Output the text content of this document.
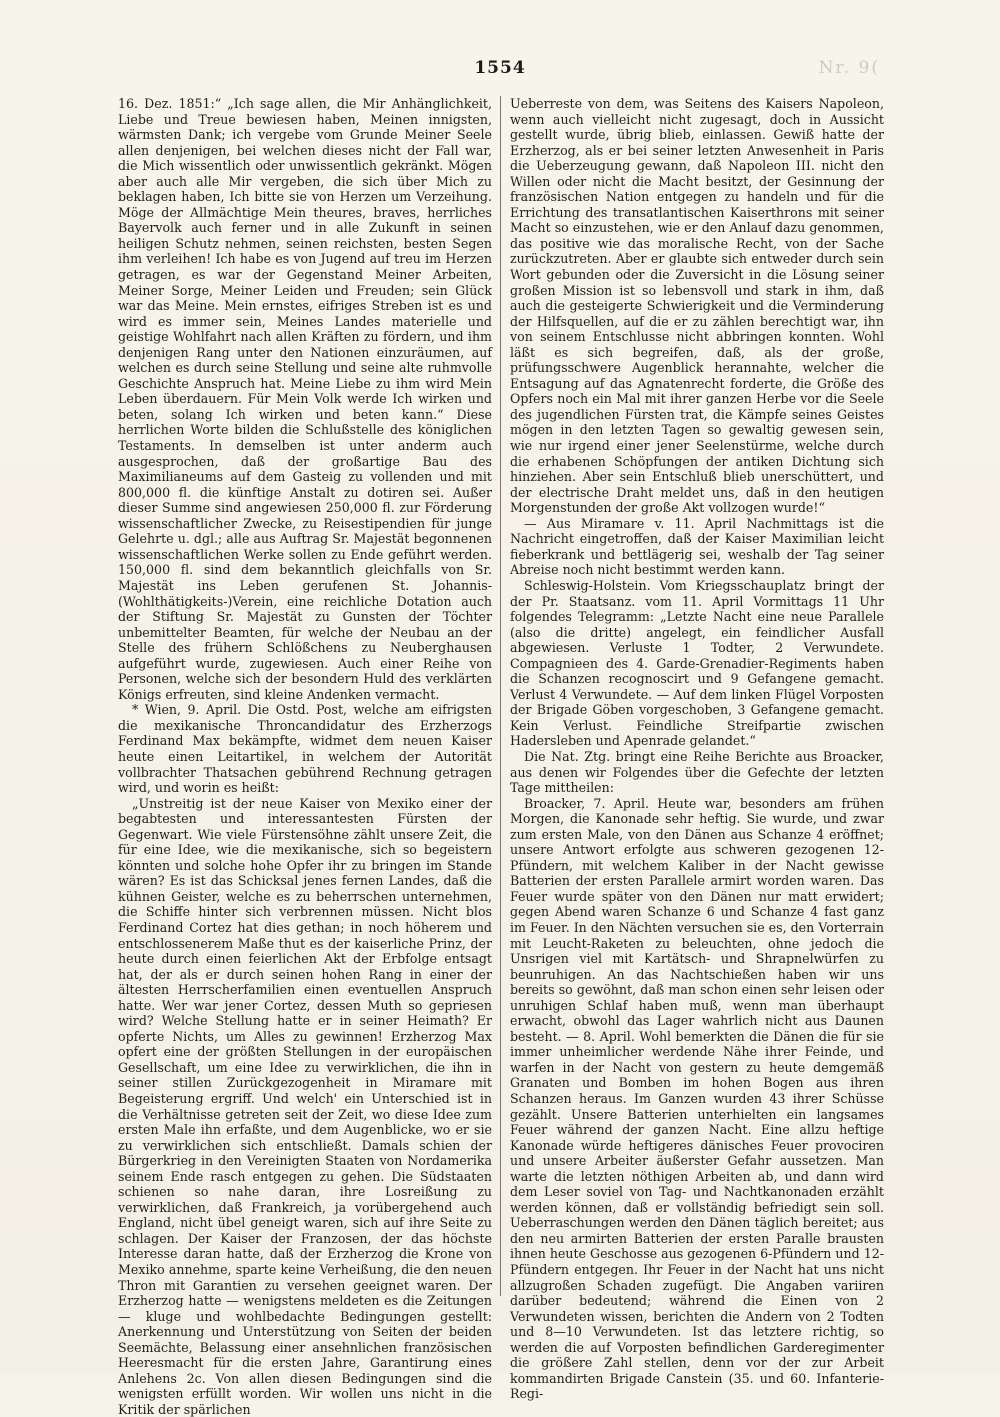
1554	Nr. 9(

16. Dez. 1851:“ „Ich sage allen, die Mir Anhänglichkeit, Liebe und Treue bewiesen haben, Meinen innigsten, wärmsten Dank; ich vergebe vom Grunde Meiner Seele allen denjenigen, bei welchen dieses nicht der Fall war, die Mich wissentlich oder unwissentlich gekränkt. Mögen aber auch alle Mir vergeben, die sich über Mich zu beklagen haben, Ich bitte sie von Herzen um Verzeihung. Möge der Allmächtige Mein theures, braves, herrliches Bayervolk auch ferner und in alle Zukunft in seinen heiligen Schutz nehmen, seinen reichsten, besten Segen ihm verleihen! Ich habe es von Jugend auf treu im Herzen getragen, es war der Gegenstand Meiner Arbeiten, Meiner Sorge, Meiner Leiden und Freuden; sein Glück war das Meine. Mein ernstes, eifriges Streben ist es und wird es immer sein, Meines Landes materielle und geistige Wohlfahrt nach allen Kräften zu fördern, und ihm denjenigen Rang unter den Nationen einzuräumen, auf welchen es durch seine Stellung und seine alte ruhmvolle Geschichte Anspruch hat. Meine Liebe zu ihm wird Mein Leben überdauern. Für Mein Volk werde Ich wirken und beten, solang Ich wirken und beten kann.“ Diese herrlichen Worte bilden die Schlußstelle des königlichen Testaments. In demselben ist unter anderm auch ausgesprochen, daß der großartige Bau des Maximilianeums auf dem Gasteig zu vollenden und mit 800,000 fl. die künftige Anstalt zu dotiren sei. Außer dieser Summe sind angewiesen 250,000 fl. zur Förderung wissenschaftlicher Zwecke, zu Reisestipendien für junge Gelehrte u. dgl.; alle aus Auftrag Sr. Majestät begonnenen wissenschaftlichen Werke sollen zu Ende geführt werden. 150,000 fl. sind dem bekanntlich gleichfalls von Sr. Majestät ins Leben gerufenen St. Johannis-(Wohlthätigkeits-)Verein, eine reichliche Dotation auch der Stiftung Sr. Majestät zu Gunsten der Töchter unbemittelter Beamten, für welche der Neubau an der Stelle des frühern Schlößchens zu Neuberghausen aufgeführt wurde, zugewiesen. Auch einer Reihe von Personen, welche sich der besondern Huld des verklärten Königs erfreuten, sind kleine Andenken vermacht.

* Wien, 9. April. Die Ostd. Post, welche am eifrigsten die mexikanische Throncandidatur des Erzherzogs Ferdinand Max bekämpfte, widmet dem neuen Kaiser heute einen Leitartikel, in welchem der Autorität vollbrachter Thatsachen gebührend Rechnung getragen wird, und worin es heißt:

„Unstreitig ist der neue Kaiser von Mexiko einer der begabtesten und interessantesten Fürsten der Gegenwart. Wie viele Fürstensöhne zählt unsere Zeit, die für eine Idee, wie die mexikanische, sich so begeistern könnten und solche hohe Opfer ihr zu bringen im Stande wären? Es ist das Schicksal jenes fernen Landes, daß die kühnen Geister, welche es zu beherrschen unternehmen, die Schiffe hinter sich verbrennen müssen. Nicht blos Ferdinand Cortez hat dies gethan; in noch höherem und entschlossenerem Maße thut es der kaiserliche Prinz, der heute durch einen feierlichen Akt der Erbfolge entsagt hat, der als er durch seinen hohen Rang in einer der ältesten Herrscherfamilien einen eventuellen Anspruch hatte. Wer war jener Cortez, dessen Muth so gepriesen wird? Welche Stellung hatte er in seiner Heimath? Er opferte Nichts, um Alles zu gewinnen! Erzherzog Max opfert eine der größten Stellungen in der europäischen Gesellschaft, um eine Idee zu verwirklichen, die ihn in seiner stillen Zurückgezogenheit in Miramare mit Begeisterung ergriff. Und welch' ein Unterschied ist in die Verhältnisse getreten seit der Zeit, wo diese Idee zum ersten Male ihn erfaßte, und dem Augenblicke, wo er sie zu verwirklichen sich entschließt. Damals schien der Bürgerkrieg in den Vereinigten Staaten von Nordamerika seinem Ende rasch entgegen zu gehen. Die Südstaaten schienen so nahe daran, ihre Losreißung zu verwirklichen, daß Frankreich, ja vorübergehend auch England, nicht übel geneigt waren, sich auf ihre Seite zu schlagen. Der Kaiser der Franzosen, der das höchste Interesse daran hatte, daß der Erzherzog die Krone von Mexiko annehme, sparte keine Verheißung, die den neuen Thron mit Garantien zu versehen geeignet waren. Der Erzherzog hatte — wenigstens meldeten es die Zeitungen — kluge und wohlbedachte Bedingungen gestellt: Anerkennung und Unterstützung von Seiten der beiden Seemächte, Belassung einer ansehnlichen französischen Heeresmacht für die ersten Jahre, Garantirung eines Anlehens 2c. Von allen diesen Bedingungen sind die wenigsten erfüllt worden. Wir wollen uns nicht in die Kritik der spärlichen

Ueberreste von dem, was Seitens des Kaisers Napoleon, wenn auch vielleicht nicht zugesagt, doch in Aussicht gestellt wurde, übrig blieb, einlassen. Gewiß hatte der Erzherzog, als er bei seiner letzten Anwesenheit in Paris die Ueberzeugung gewann, daß Napoleon III. nicht den Willen oder nicht die Macht besitzt, der Gesinnung der französischen Nation entgegen zu handeln und für die Errichtung des transatlantischen Kaiserthrons mit seiner Macht so einzustehen, wie er den Anlauf dazu genommen, das positive wie das moralische Recht, von der Sache zurückzutreten. Aber er glaubte sich entweder durch sein Wort gebunden oder die Zuversicht in die Lösung seiner großen Mission ist so lebensvoll und stark in ihm, daß auch die gesteigerte Schwierigkeit und die Verminderung der Hilfsquellen, auf die er zu zählen berechtigt war, ihn von seinem Entschlusse nicht abbringen konnten. Wohl läßt es sich begreifen, daß, als der große, prüfungsschwere Augenblick herannahte, welcher die Entsagung auf das Agnatenrecht forderte, die Größe des Opfers noch ein Mal mit ihrer ganzen Herbe vor die Seele des jugendlichen Fürsten trat, die Kämpfe seines Geistes mögen in den letzten Tagen so gewaltig gewesen sein, wie nur irgend einer jener Seelenstürme, welche durch die erhabenen Schöpfungen der antiken Dichtung sich hinziehen. Aber sein Entschluß blieb unerschüttert, und der electrische Draht meldet uns, daß in den heutigen Morgenstunden der große Akt vollzogen wurde!“

— Aus Miramare v. 11. April Nachmittags ist die Nachricht eingetroffen, daß der Kaiser Maximilian leicht fieberkrank und bettlägerig sei, weshalb der Tag seiner Abreise noch nicht bestimmt werden kann.

Schleswig-Holstein. Vom Kriegsschauplatz bringt der der Pr. Staatsanz. vom 11. April Vormittags 11 Uhr folgendes Telegramm: „Letzte Nacht eine neue Parallele (also die dritte) angelegt, ein feindlicher Ausfall abgewiesen. Verluste 1 Todter, 2 Verwundete. Compagnieen des 4. Garde-Grenadier-Regiments haben die Schanzen recognoscirt und 9 Gefangene gemacht. Verlust 4 Verwundete. — Auf dem linken Flügel Vorposten der Brigade Göben vorgeschoben, 3 Gefangene gemacht. Kein Verlust. Feindliche Streifpartie zwischen Hadersleben und Apenrade gelandet.“

Die Nat. Ztg. bringt eine Reihe Berichte aus Broacker, aus denen wir Folgendes über die Gefechte der letzten Tage mittheilen:

Broacker, 7. April. Heute war, besonders am frühen Morgen, die Kanonade sehr heftig. Sie wurde, und zwar zum ersten Male, von den Dänen aus Schanze 4 eröffnet; unsere Antwort erfolgte aus schweren gezogenen 12-Pfündern, mit welchem Kaliber in der Nacht gewisse Batterien der ersten Parallele armirt worden waren. Das Feuer wurde später von den Dänen nur matt erwidert; gegen Abend waren Schanze 6 und Schanze 4 fast ganz im Feuer. In den Nächten versuchen sie es, den Vorterrain mit Leucht-Raketen zu beleuchten, ohne jedoch die Unsrigen viel mit Kartätsch- und Shrapnelwürfen zu beunruhigen. An das Nachtschießen haben wir uns bereits so gewöhnt, daß man schon einen sehr leisen oder unruhigen Schlaf haben muß, wenn man überhaupt erwacht, obwohl das Lager wahrlich nicht aus Daunen besteht. — 8. April. Wohl bemerkten die Dänen die für sie immer unheimlicher werdende Nähe ihrer Feinde, und warfen in der Nacht von gestern zu heute demgemäß Granaten und Bomben im hohen Bogen aus ihren Schanzen heraus. Im Ganzen wurden 43 ihrer Schüsse gezählt. Unsere Batterien unterhielten ein langsames Feuer während der ganzen Nacht. Eine allzu heftige Kanonade würde heftigeres dänisches Feuer provociren und unsere Arbeiter äußerster Gefahr aussetzen. Man warte die letzten nöthigen Arbeiten ab, und dann wird dem Leser soviel von Tag- und Nachtkanonaden erzählt werden können, daß er vollständig befriedigt sein soll. Ueberraschungen werden den Dänen täglich bereitet; aus den neu armirten Batterien der ersten Paralle brausten ihnen heute Geschosse aus gezogenen 6-Pfündern und 12-Pfündern entgegen. Ihr Feuer in der Nacht hat uns nicht allzugroßen Schaden zugefügt. Die Angaben variiren darüber bedeutend; während die Einen von 2 Verwundeten wissen, berichten die Andern von 2 Todten und 8—10 Verwundeten. Ist das letztere richtig, so werden die auf Vorposten befindlichen Garderegimenter die größere Zahl stellen, denn vor der zur Arbeit kommandirten Brigade Canstein (35. und 60. Infanterie-Regi-
